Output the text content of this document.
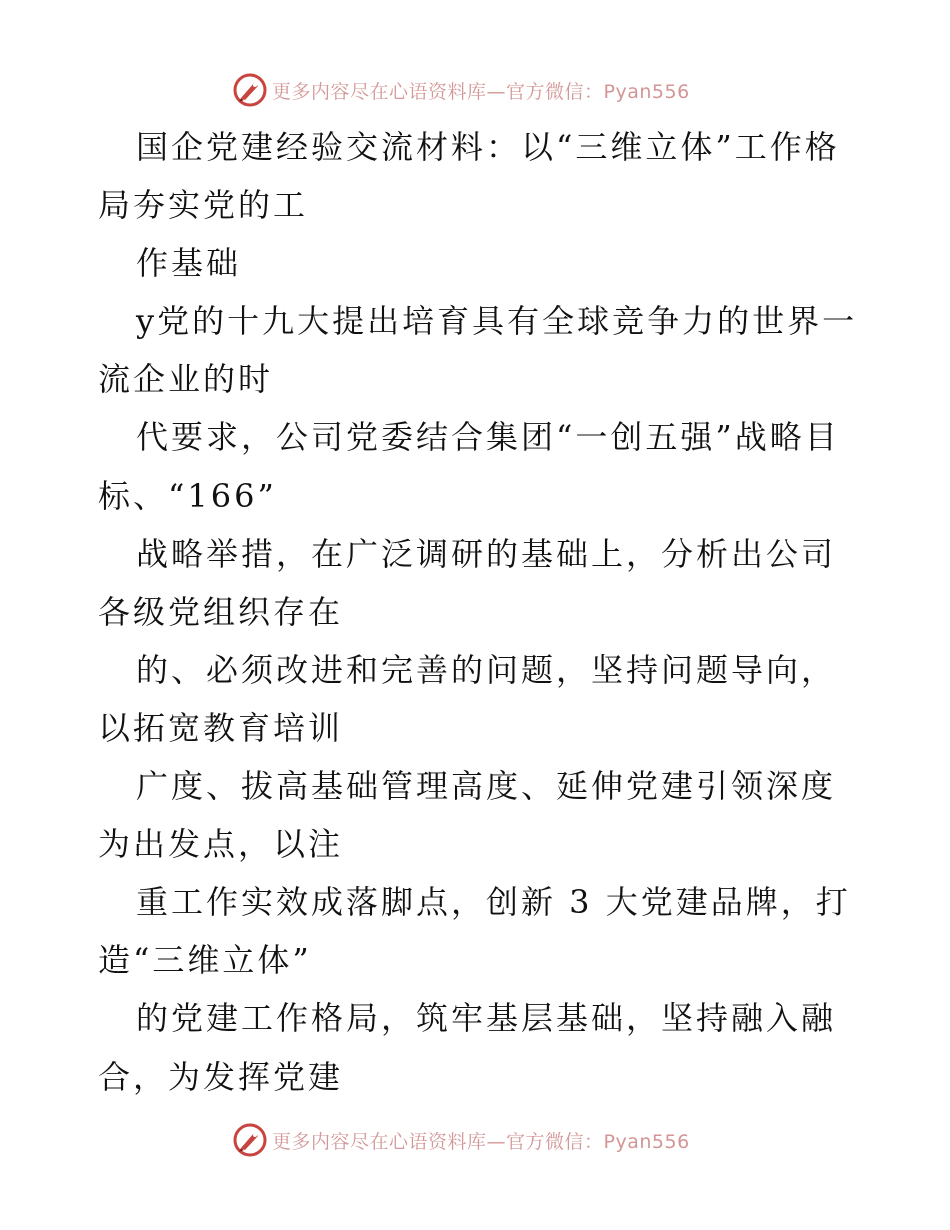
更多内容尽在心语资料库—官方微信：Pyan556

国企党建经验交流材料：以“三维立体”工作格局夯实党的工

作基础

y党的十九大提出培育具有全球竞争力的世界一流企业的时

代要求，公司党委结合集团“一创五强”战略目标、“166”

战略举措，在广泛调研的基础上，分析出公司各级党组织存在

的、必须改进和完善的问题，坚持问题导向，以拓宽教育培训

广度、拔高基础管理高度、延伸党建引领深度为出发点，以注

重工作实效成落脚点，创新 3 大党建品牌，打造“三维立体”

的党建工作格局，筑牢基层基础，坚持融入融合，为发挥党建

更多内容尽在心语资料库—官方微信：Pyan556
